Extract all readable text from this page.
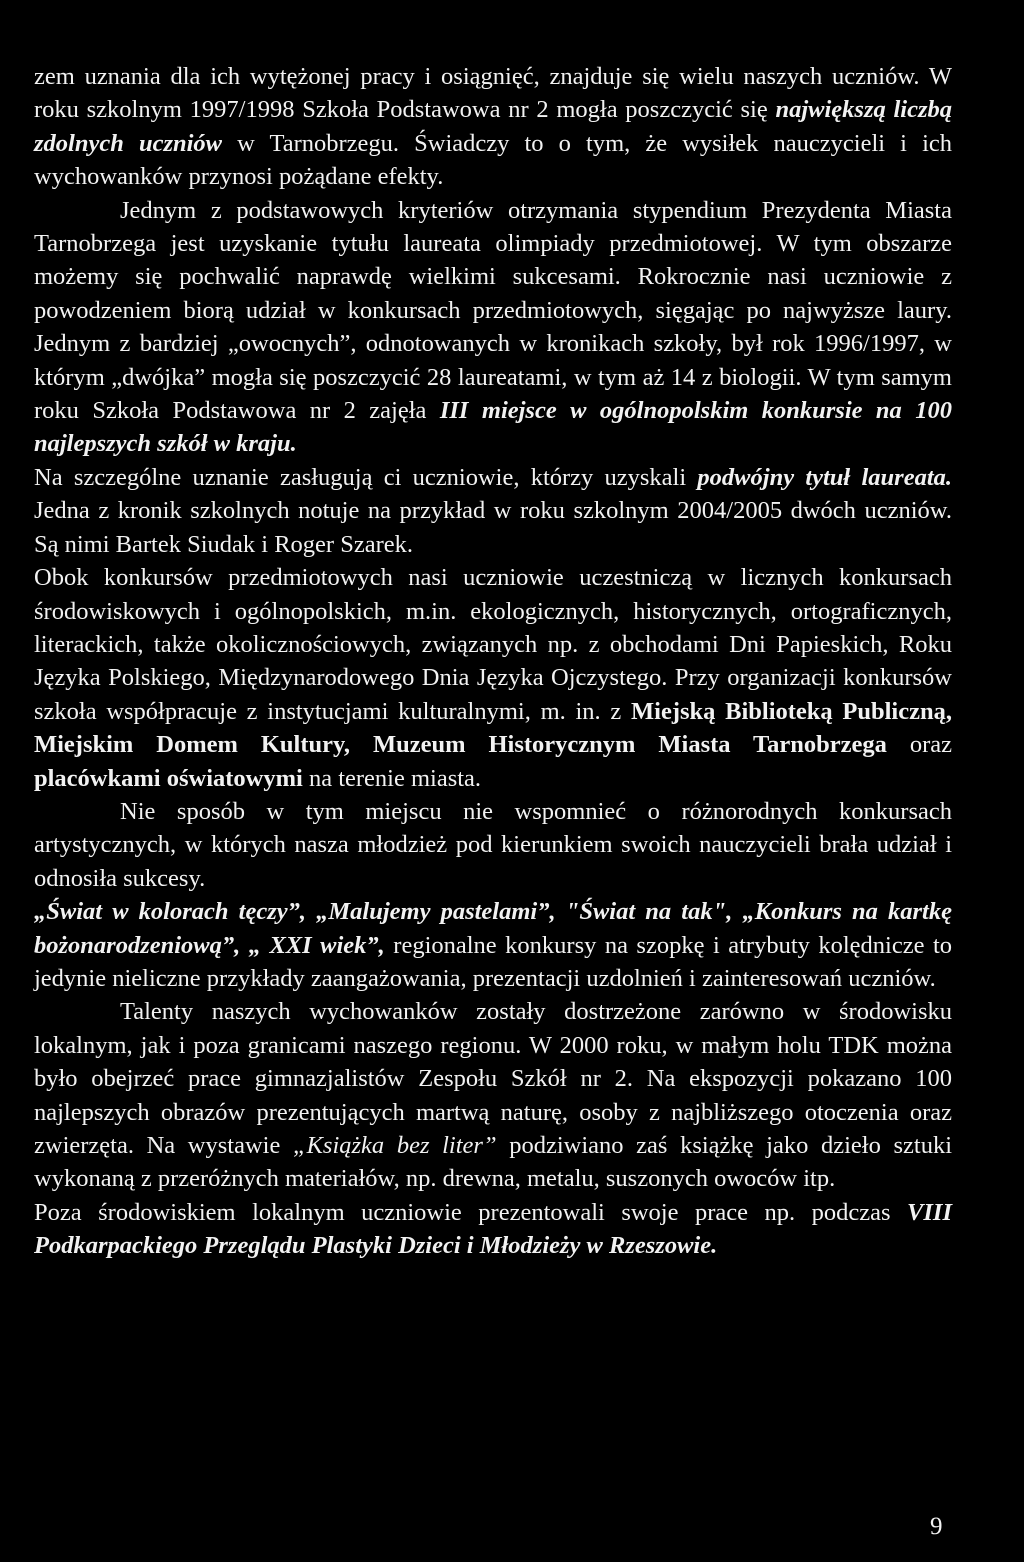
zem uznania dla ich wytężonej pracy i osiągnięć, znajduje się wielu naszych uczniów. W roku szkolnym 1997/1998 Szkoła Podstawowa nr 2 mogła poszczycić się największą liczbą zdolnych uczniów w Tarnobrzegu. Świadczy to o tym, że wysiłek nauczycieli i ich wychowanków przynosi pożądane efekty.

Jednym z podstawowych kryteriów otrzymania stypendium Prezydenta Miasta Tarnobrzega jest uzyskanie tytułu laureata olimpiady przedmiotowej. W tym obszarze możemy się pochwalić naprawdę wielkimi sukcesami. Rokrocznie nasi uczniowie z powodzeniem biorą udział w konkursach przedmiotowych, sięgając po najwyższe laury. Jednym z bardziej „owocnych”, odnotowanych w kronikach szkoły, był rok 1996/1997, w którym „dwójka” mogła się poszczycić 28 laureatami, w tym aż 14 z biologii. W tym samym roku Szkoła Podstawowa nr 2 zajęła III miejsce w ogólnopolskim konkursie na 100 najlepszych szkół w kraju.

Na szczególne uznanie zasługują ci uczniowie, którzy uzyskali podwójny tytuł laureata. Jedna z kronik szkolnych notuje na przykład w roku szkolnym 2004/2005 dwóch uczniów. Są nimi Bartek Siudak i Roger Szarek.

Obok konkursów przedmiotowych nasi uczniowie uczestniczą w licznych konkursach środowiskowych i ogólnopolskich, m.in. ekologicznych, historycznych, ortograficznych, literackich, także okolicznościowych, związanych np. z obchodami Dni Papieskich, Roku Języka Polskiego, Międzynarodowego Dnia Języka Ojczystego. Przy organizacji konkursów szkoła współpracuje z instytucjami kulturalnymi, m. in. z Miejską Biblioteką Publiczną, Miejskim Domem Kultury, Muzeum Historycznym Miasta Tarnobrzega oraz placówkami oświatowymi na terenie miasta.

Nie sposób w tym miejscu nie wspomnieć o różnorodnych konkursach artystycznych, w których nasza młodzież pod kierunkiem swoich nauczycieli brała udział i odnosiła sukcesy.

„Świat w kolorach tęczy”, „Malujemy pastelami”, "Świat na tak", „Konkurs na kartkę bożonarodzeniową”, „ XXI wiek”, regionalne konkursy na szopkę i atrybuty kolędnicze to jedynie nieliczne przykłady zaangażowania, prezentacji uzdolnień i zainteresowań uczniów.

Talenty naszych wychowanków zostały dostrzeżone zarówno w środowisku lokalnym, jak i poza granicami naszego regionu. W 2000 roku, w małym holu TDK można było obejrzeć prace gimnazjalistów Zespołu Szkół nr 2. Na ekspozycji pokazano 100 najlepszych obrazów prezentujących martwą naturę, osoby z najbliższego otoczenia oraz zwierzęta. Na wystawie „Książka bez liter” podziwiano zaś książkę jako dzieło sztuki wykonaną z przeróżnych materiałów, np. drewna, metalu, suszonych owoców itp.

Poza środowiskiem lokalnym uczniowie prezentowali swoje prace np. podczas VIII Podkarpackiego Przeglądu Plastyki Dzieci i Młodzieży w Rzeszowie.

9
